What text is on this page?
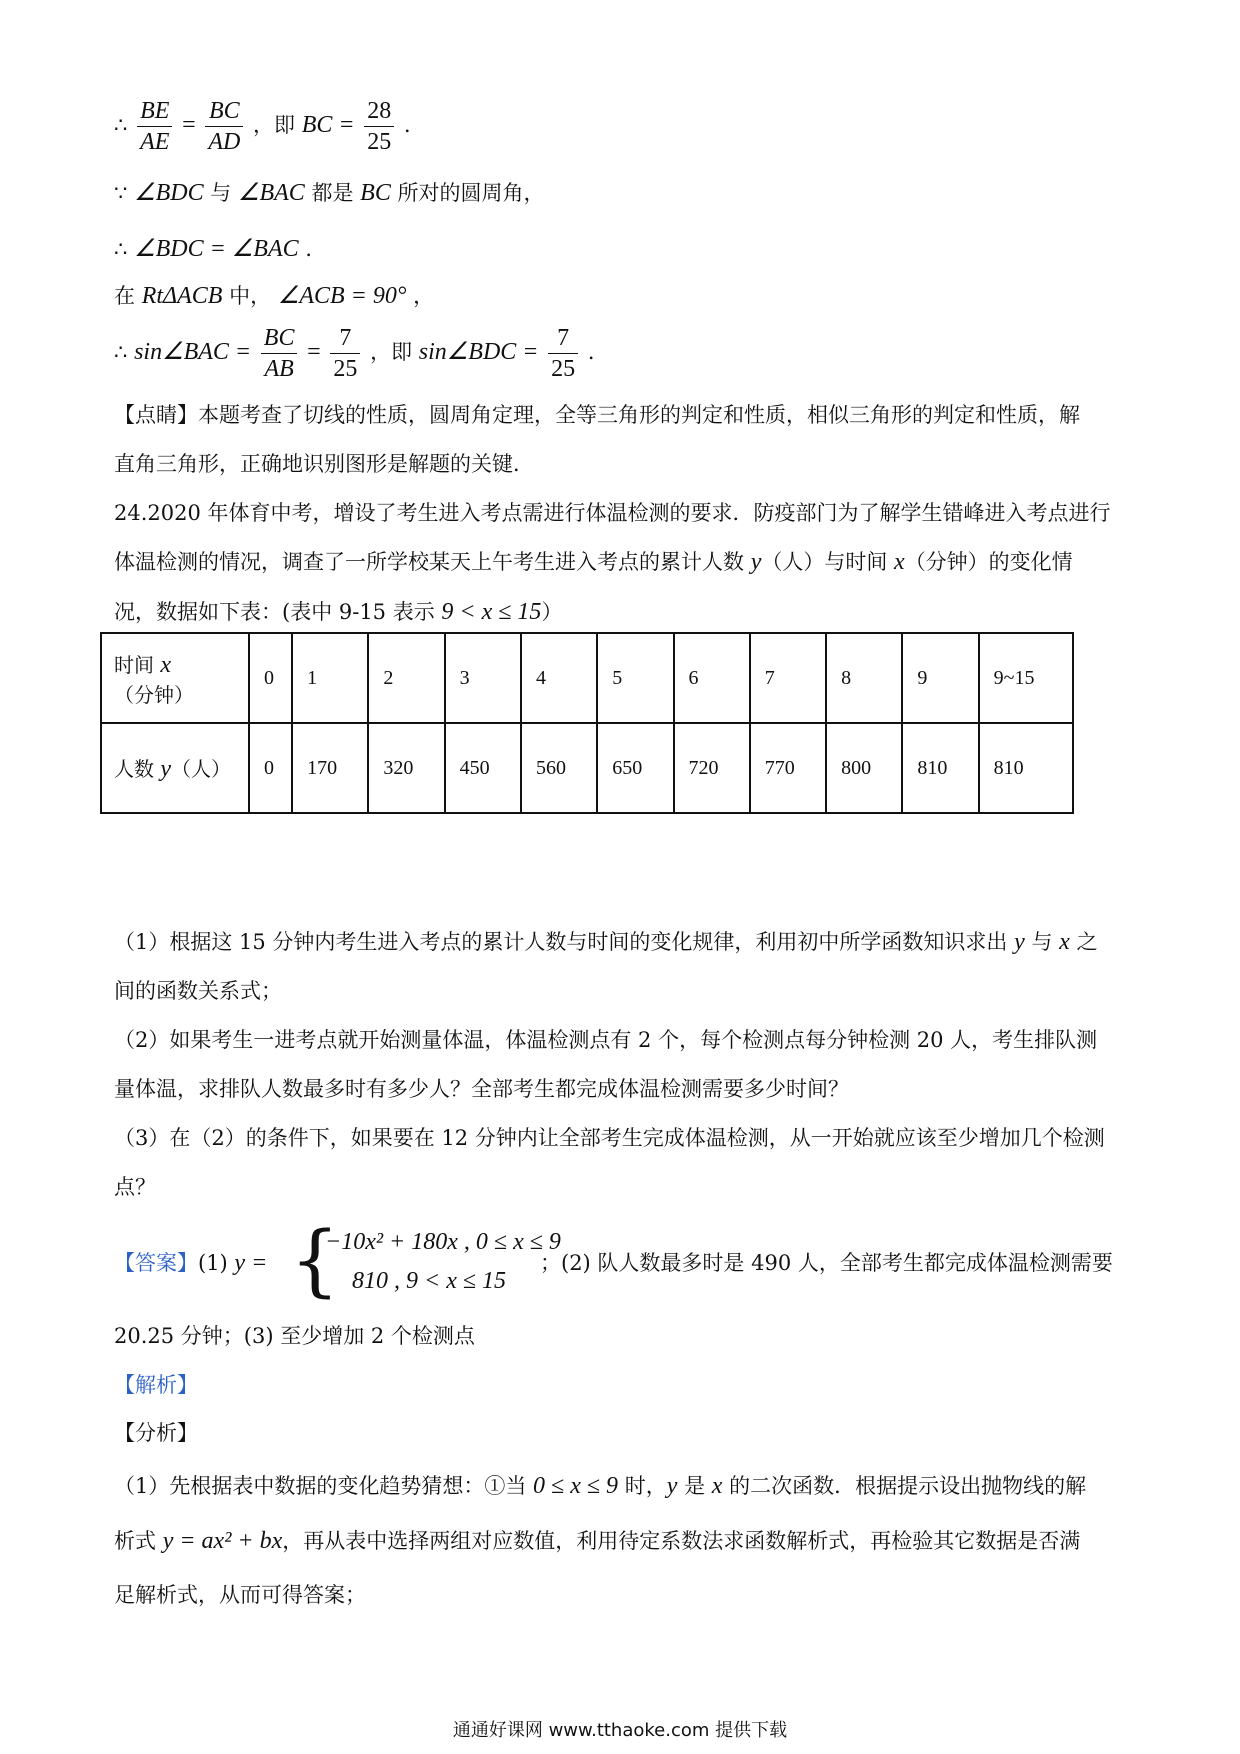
∴ $\frac{BE}{AE} = \frac{BC}{AD}$ ，即 BC = $\frac{28}{25}$ ．
∵ ∠BDC 与 ∠BAC 都是 BC 所对的圆周角，
∴ ∠BDC = ∠BAC ．
在 RtΔACB 中， ∠ACB = 90° ，
∴ sin∠BAC = $\frac{BC}{AB} = \frac{7}{25}$ ，即 sin∠BDC = $\frac{7}{25}$ ．
【点睛】本题考查了切线的性质，圆周角定理，全等三角形的判定和性质，相似三角形的判定和性质，解
直角三角形，正确地识别图形是解题的关键．
24.2020 年体育中考，增设了考生进入考点需进行体温检测的要求．防疫部门为了解学生错峰进入考点进行
体温检测的情况，调查了一所学校某天上午考生进入考点的累计人数 y（人）与时间 x（分钟）的变化情
况，数据如下表：(表中 9-15 表示 9 < x ≤ 15）
时间 x（分钟）	0	1	2	3	4	5	6	7	8	9	9~15
人数 y（人）	0	170	320	450	560	650	720	770	800	810	810
（1）根据这 15 分钟内考生进入考点的累计人数与时间的变化规律，利用初中所学函数知识求出 y 与 x 之
间的函数关系式；
（2）如果考生一进考点就开始测量体温，体温检测点有 2 个，每个检测点每分钟检测 20 人，考生排队测
量体温，求排队人数最多时有多少人？全部考生都完成体温检测需要多少时间？
（3）在（2）的条件下，如果要在 12 分钟内让全部考生完成体温检测，从一开始就应该至少增加几个检测
点？
【答案】(1) y = {
−10x² + 180x , 0 ≤ x ≤ 9
810 , 9 < x ≤ 15
；(2) 队人数最多时是 490 人，全部考生都完成体温检测需要
20.25 分钟；(3) 至少增加 2 个检测点
【解析】
【分析】
（1）先根据表中数据的变化趋势猜想：①当 0 ≤ x ≤ 9 时，y 是 x 的二次函数．根据提示设出抛物线的解
析式 y = ax² + bx，再从表中选择两组对应数值，利用待定系数法求函数解析式，再检验其它数据是否满
足解析式，从而可得答案；
通通好课网 www.tthaoke.com 提供下载
